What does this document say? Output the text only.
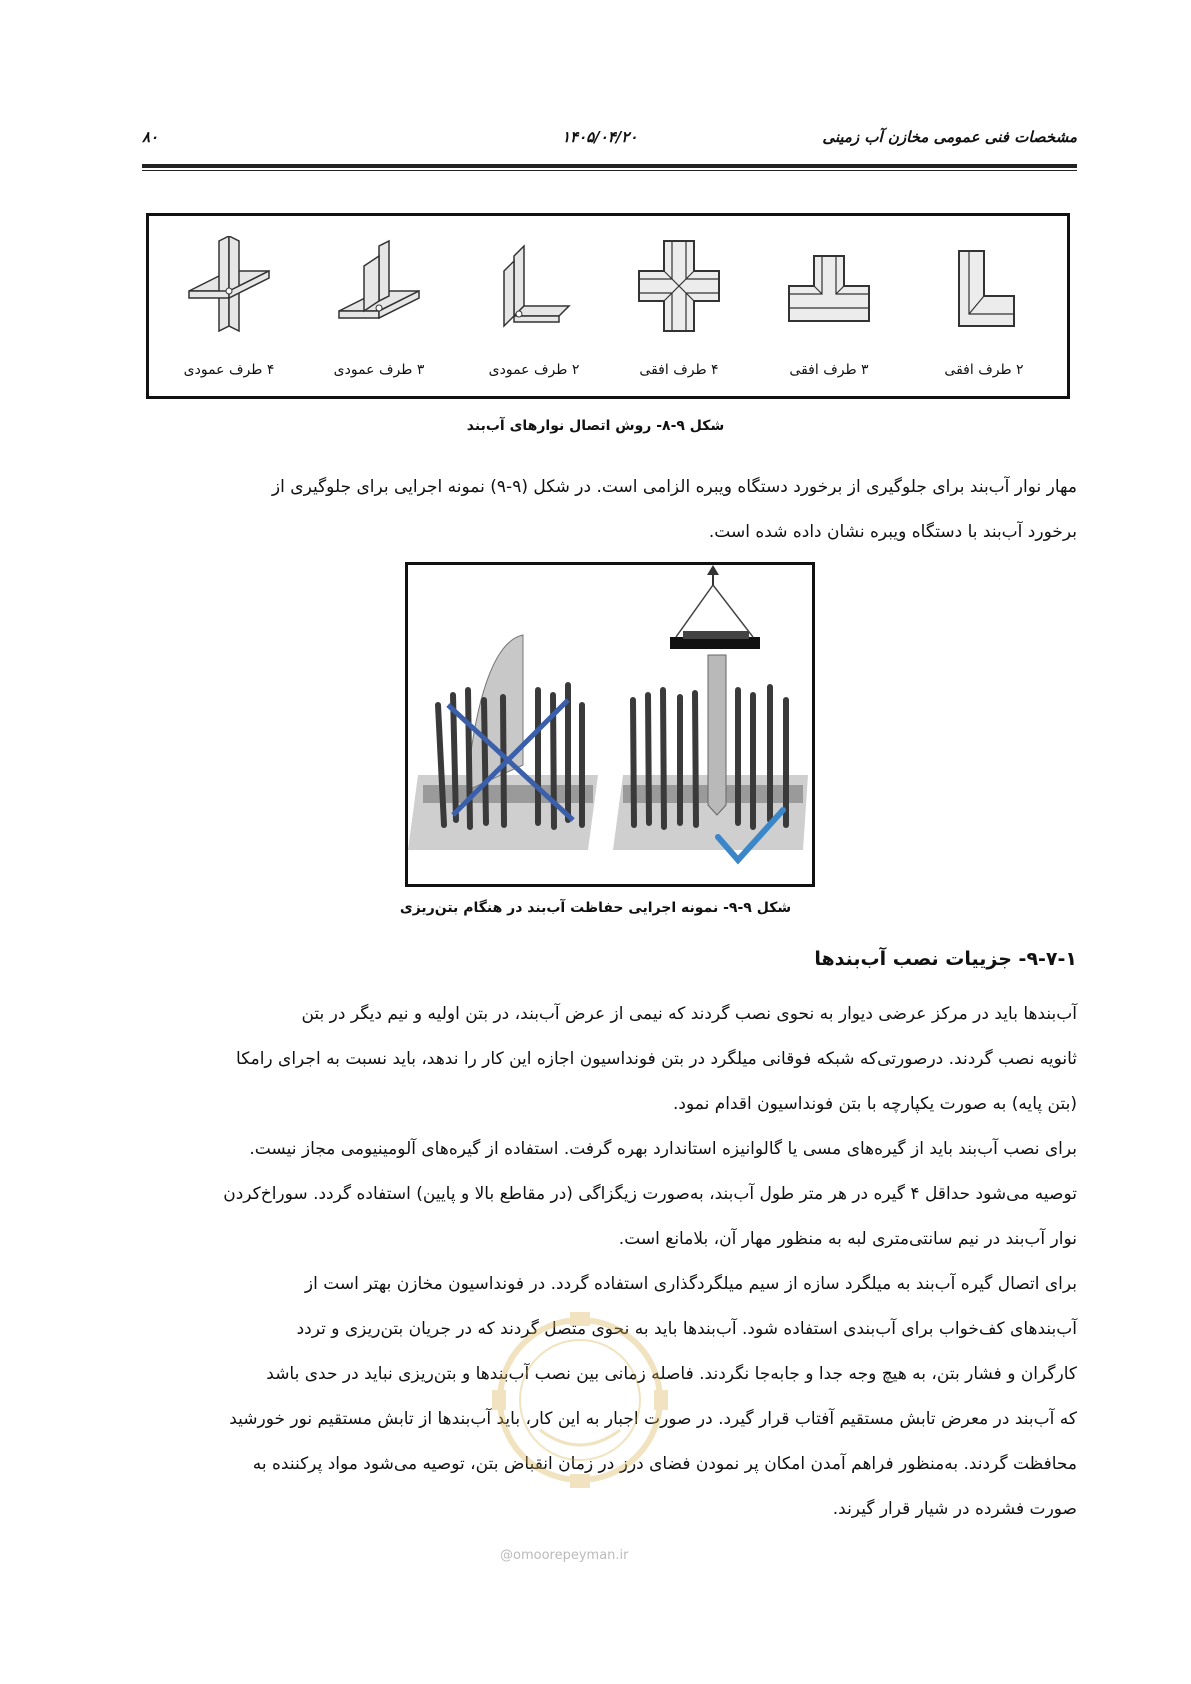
مشخصات فنی عمومی مخازن آب زمینی
۱۴۰۵/۰۴/۲۰
۸۰
۴ طرف عمودی	۳ طرف عمودی	۲ طرف عمودی	۴ طرف افقی	۳ طرف افقی	۲ طرف افقی
شکل ۹-۸- روش اتصال نوارهای آب‌بند
مهار نوار آب‌بند برای جلوگیری از برخورد دستگاه ویبره الزامی است. در شکل (۹-۹) نمونه اجرایی برای جلوگیری از
برخورد آب‌بند با دستگاه ویبره نشان داده شده است.
شکل ۹-۹- نمونه اجرایی حفاظت آب‌بند در هنگام بتن‌ریزی
۹-۷-۱- جزییات نصب آب‌بندها
آب‌بندها باید در مرکز عرضی دیوار به نحوی نصب گردند که نیمی از عرض آب‌بند، در بتن اولیه و نیم دیگر در بتن
ثانویه نصب گردند. درصورتی‌که شبکه فوقانی میلگرد در بتن فونداسیون اجازه این کار را ندهد، باید نسبت به اجرای رامکا
(بتن پایه) به صورت یکپارچه با بتن فونداسیون اقدام نمود.
برای نصب آب‌بند باید از گیره‌های مسی یا گالوانیزه استاندارد بهره گرفت. استفاده از گیره‌های آلومینیومی مجاز نیست.
توصیه می‌شود حداقل ۴ گیره در هر متر طول آب‌بند، به‌صورت زیگزاگی (در مقاطع بالا و پایین) استفاده گردد. سوراخ‌کردن
نوار آب‌بند در نیم سانتی‌متری لبه به منظور مهار آن، بلامانع است.
برای اتصال گیره آب‌بند به میلگرد سازه از سیم میلگردگذاری استفاده گردد. در فونداسیون مخازن بهتر است از
آب‌بندهای کف‌خواب برای آب‌بندی استفاده شود. آب‌بندها باید به نحوی متصل گردند که در جریان بتن‌ریزی و تردد
کارگران و فشار بتن، به هیچ وجه جدا و جابه‌جا نگردند. فاصله زمانی بین نصب آب‌بندها و بتن‌ریزی نباید در حدی باشد
که آب‌بند در معرض تابش مستقیم آفتاب قرار گیرد. در صورت اجبار به این کار، باید آب‌بندها از تابش مستقیم نور خورشید
محافظت گردند. به‌منظور فراهم آمدن امکان پر نمودن فضای درز در زمان انقباض بتن، توصیه می‌شود مواد پرکننده به
صورت فشرده در شیار قرار گیرند.
@omoorepeyman.ir
